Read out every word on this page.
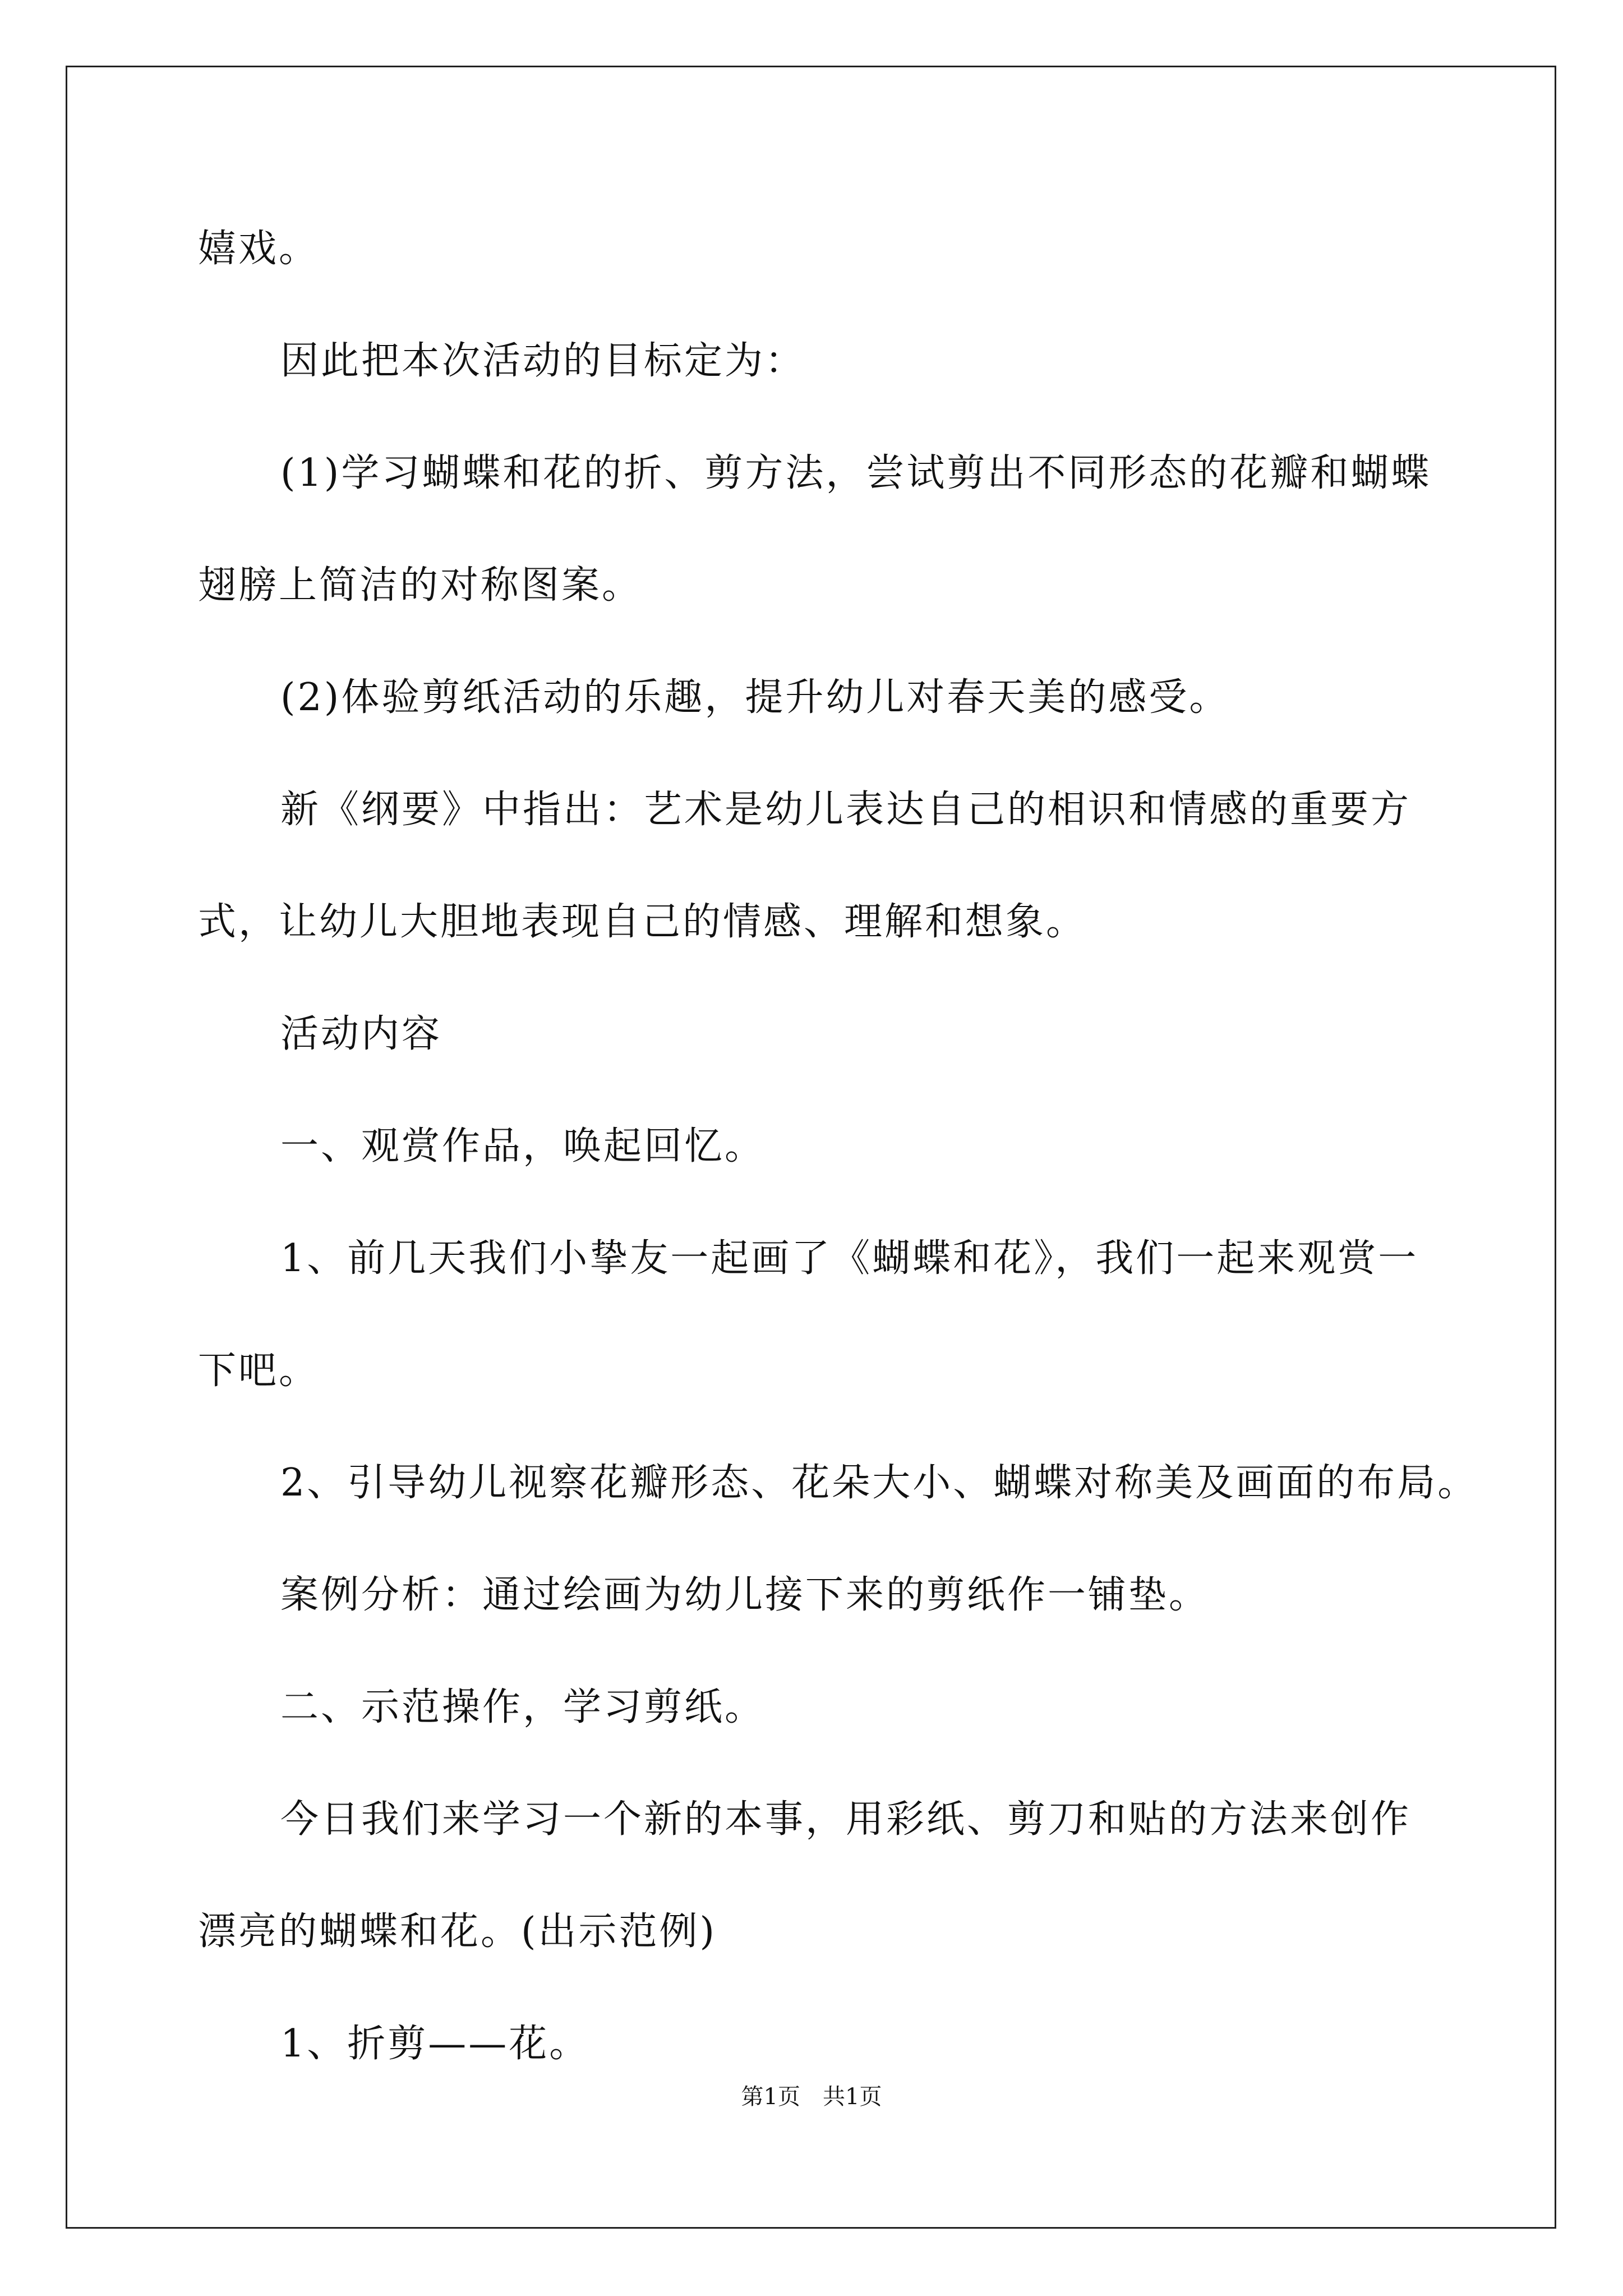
嬉戏。
因此把本次活动的目标定为：
(1)学习蝴蝶和花的折、剪方法，尝试剪出不同形态的花瓣和蝴蝶
翅膀上简洁的对称图案。
(2)体验剪纸活动的乐趣，提升幼儿对春天美的感受。
新《纲要》中指出：艺术是幼儿表达自己的相识和情感的重要方
式，让幼儿大胆地表现自己的情感、理解和想象。
活动内容
一、观赏作品，唤起回忆。
1、前几天我们小挚友一起画了《蝴蝶和花》，我们一起来观赏一
下吧。
2、引导幼儿视察花瓣形态、花朵大小、蝴蝶对称美及画面的布局。
案例分析：通过绘画为幼儿接下来的剪纸作一铺垫。
二、示范操作，学习剪纸。
今日我们来学习一个新的本事，用彩纸、剪刀和贴的方法来创作
漂亮的蝴蝶和花。(出示范例)
1、折剪——花。
第1页 共1页
